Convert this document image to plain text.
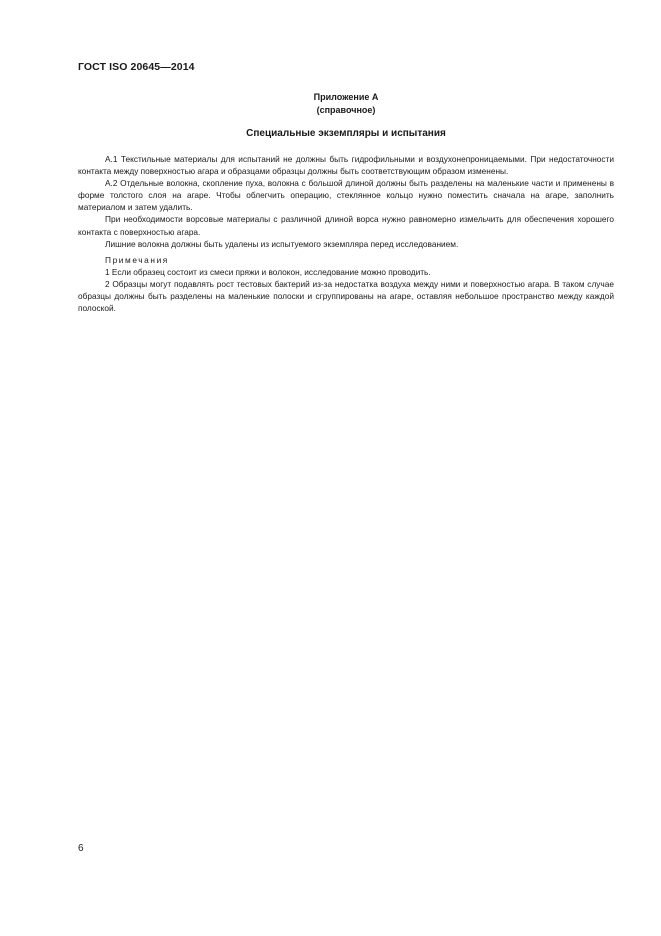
ГОСТ ISO 20645—2014
Приложение А
(справочное)
Специальные экземпляры и испытания

А.1 Текстильные материалы для испытаний не должны быть гидрофильными и воздухонепроницаемыми. При недостаточности контакта между поверхностью агара и образцами образцы должны быть соответствующим образом изменены.

А.2 Отдельные волокна, скопление пуха, волокна с большой длиной должны быть разделены на маленькие части и применены в форме толстого слоя на агаре. Чтобы облегчить операцию, стеклянное кольцо нужно поместить сначала на агаре, заполнить материалом и затем удалить.

При необходимости ворсовые материалы с различной длиной ворса нужно равномерно измельчить для обеспечения хорошего контакта с поверхностью агара.

Лишние волокна должны быть удалены из испытуемого экземпляра перед исследованием.

Примечания

1 Если образец состоит из смеси пряжи и волокон, исследование можно проводить.

2 Образцы могут подавлять рост тестовых бактерий из-за недостатка воздуха между ними и поверхностью агара. В таком случае образцы должны быть разделены на маленькие полоски и сгруппированы на агаре, оставляя небольшое пространство между каждой полоской.

6
